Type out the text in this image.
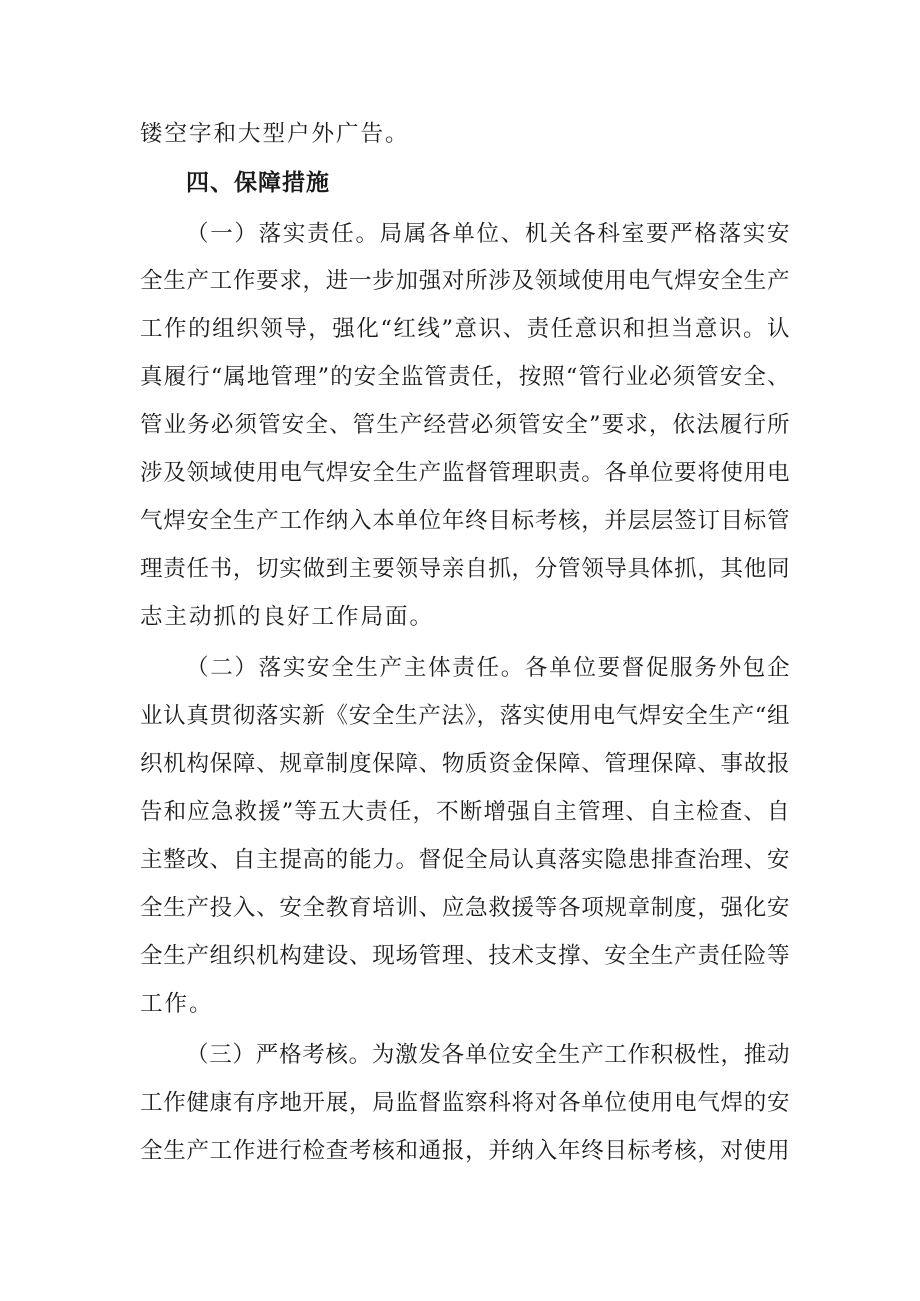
镂空字和大型户外广告。
四、保障措施
（一）落实责任。局属各单位、机关各科室要严格落实安
全生产工作要求，进一步加强对所涉及领域使用电气焊安全生产
工作的组织领导，强化“红线”意识、责任意识和担当意识。认
真履行“属地管理”的安全监管责任，按照“管行业必须管安全、
管业务必须管安全、管生产经营必须管安全”要求，依法履行所
涉及领域使用电气焊安全生产监督管理职责。各单位要将使用电
气焊安全生产工作纳入本单位年终目标考核，并层层签订目标管
理责任书，切实做到主要领导亲自抓，分管领导具体抓，其他同
志主动抓的良好工作局面。
（二）落实安全生产主体责任。各单位要督促服务外包企
业认真贯彻落实新《安全生产法》，落实使用电气焊安全生产“组
织机构保障、规章制度保障、物质资金保障、管理保障、事故报
告和应急救援”等五大责任，不断增强自主管理、自主检查、自
主整改、自主提高的能力。督促全局认真落实隐患排查治理、安
全生产投入、安全教育培训、应急救援等各项规章制度，强化安
全生产组织机构建设、现场管理、技术支撑、安全生产责任险等
工作。
（三）严格考核。为激发各单位安全生产工作积极性，推动
工作健康有序地开展，局监督监察科将对各单位使用电气焊的安
全生产工作进行检查考核和通报，并纳入年终目标考核，对使用
